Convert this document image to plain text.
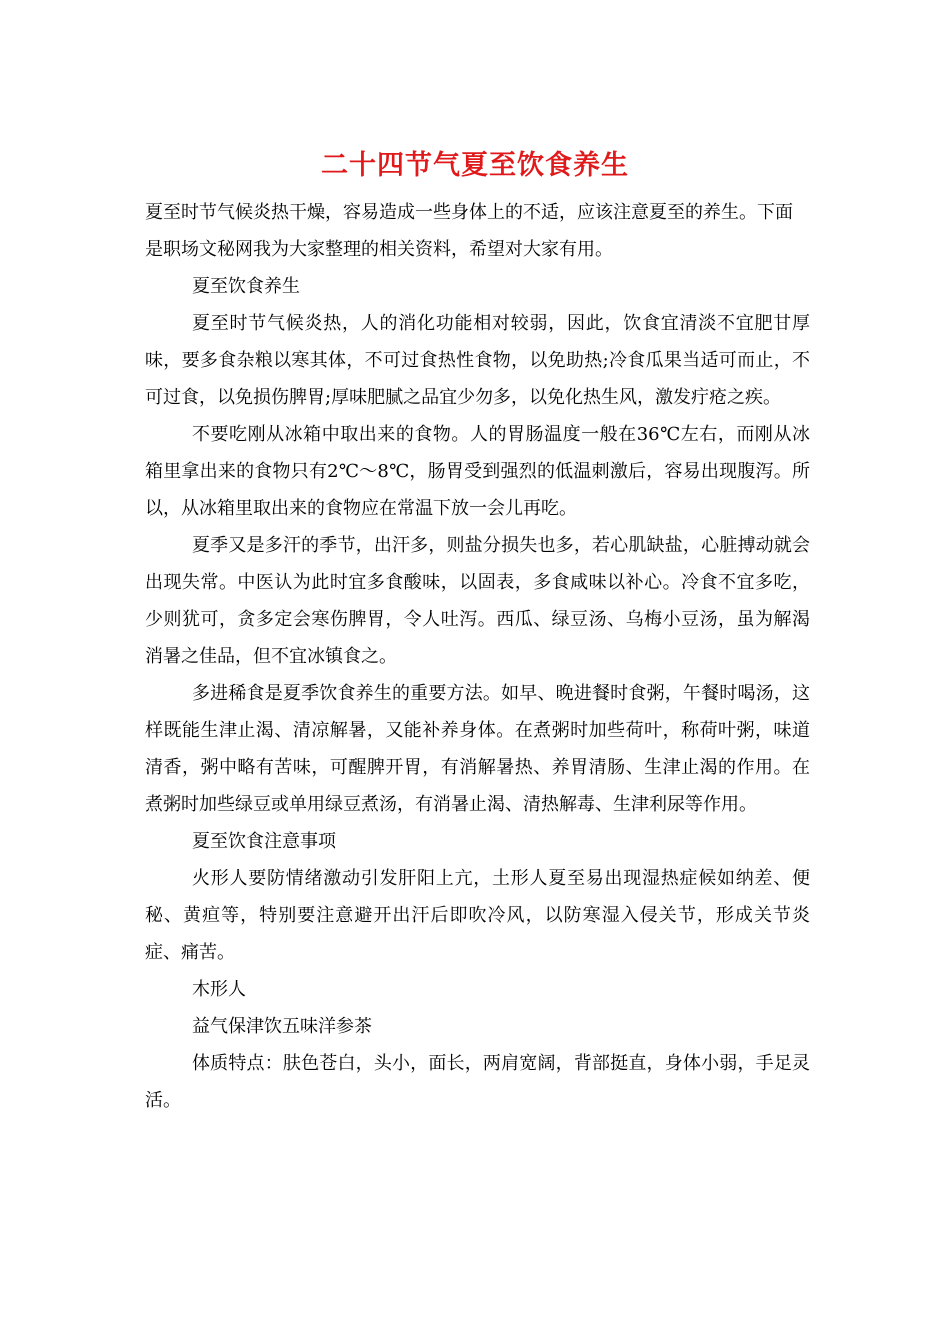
二十四节气夏至饮食养生

夏至时节气候炎热干燥，容易造成一些身体上的不适，应该注意夏至的养生。下面是职场文秘网我为大家整理的相关资料，希望对大家有用。

夏至饮食养生

夏至时节气候炎热，人的消化功能相对较弱，因此，饮食宜清淡不宜肥甘厚味，要多食杂粮以寒其体，不可过食热性食物，以免助热;冷食瓜果当适可而止，不可过食，以免损伤脾胃;厚味肥腻之品宜少勿多，以免化热生风，激发疔疮之疾。

不要吃刚从冰箱中取出来的食物。人的胃肠温度一般在36℃左右，而刚从冰箱里拿出来的食物只有2℃～8℃，肠胃受到强烈的低温刺激后，容易出现腹泻。所以，从冰箱里取出来的食物应在常温下放一会儿再吃。

夏季又是多汗的季节，出汗多，则盐分损失也多，若心肌缺盐，心脏搏动就会出现失常。中医认为此时宜多食酸味，以固表，多食咸味以补心。冷食不宜多吃，少则犹可，贪多定会寒伤脾胃，令人吐泻。西瓜、绿豆汤、乌梅小豆汤，虽为解渴消暑之佳品，但不宜冰镇食之。

多进稀食是夏季饮食养生的重要方法。如早、晚进餐时食粥，午餐时喝汤，这样既能生津止渴、清凉解暑，又能补养身体。在煮粥时加些荷叶，称荷叶粥，味道清香，粥中略有苦味，可醒脾开胃，有消解暑热、养胃清肠、生津止渴的作用。在煮粥时加些绿豆或单用绿豆煮汤，有消暑止渴、清热解毒、生津利尿等作用。

夏至饮食注意事项

火形人要防情绪激动引发肝阳上亢，土形人夏至易出现湿热症候如纳差、便秘、黄疸等，特别要注意避开出汗后即吹冷风，以防寒湿入侵关节，形成关节炎症、痛苦。

木形人

益气保津饮五味洋参茶

体质特点：肤色苍白，头小，面长，两肩宽阔，背部挺直，身体小弱，手足灵活。
